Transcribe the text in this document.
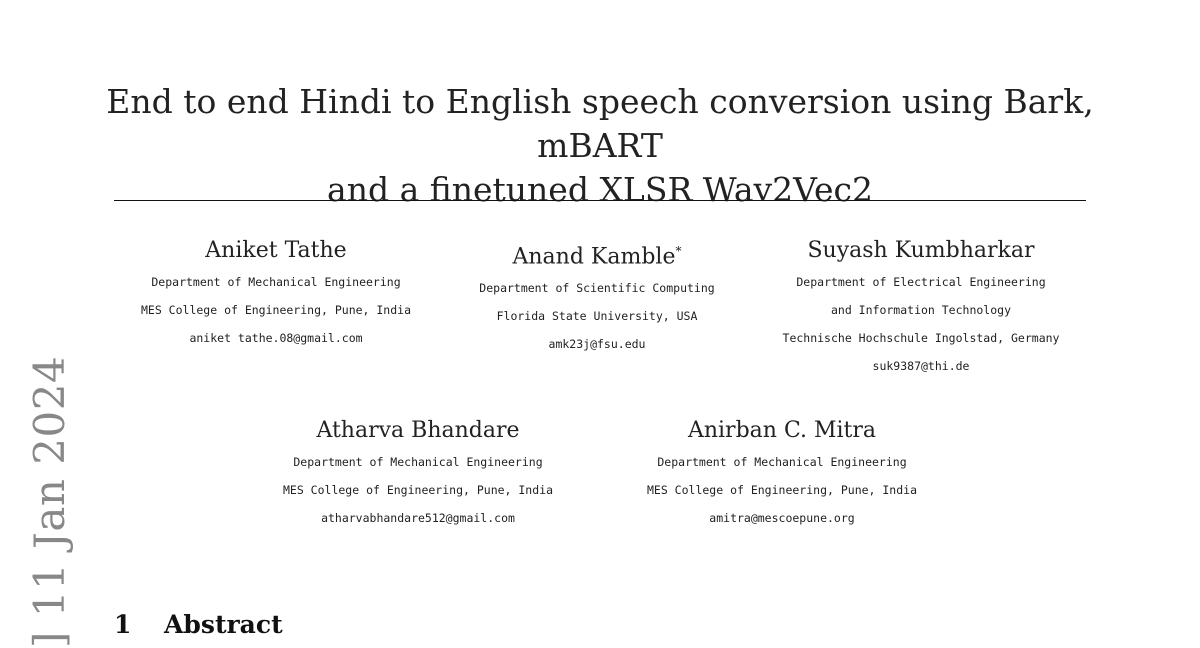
End to end Hindi to English speech conversion using Bark, mBART
and a finetuned XLSR Wav2Vec2
Aniket Tathe
Department of Mechanical Engineering
MES College of Engineering, Pune, India
aniket tathe.08@gmail.com
Anand Kamble*
Department of Scientific Computing
Florida State University, USA
amk23j@fsu.edu
Suyash Kumbharkar
Department of Electrical Engineering
and Information Technology
Technische Hochschule Ingolstad, Germany
suk9387@thi.de
Atharva Bhandare
Department of Mechanical Engineering
MES College of Engineering, Pune, India
atharvabhandare512@gmail.com
Anirban C. Mitra
Department of Mechanical Engineering
MES College of Engineering, Pune, India
amitra@mescoepune.org
] 11 Jan 2024 1 Abstract
